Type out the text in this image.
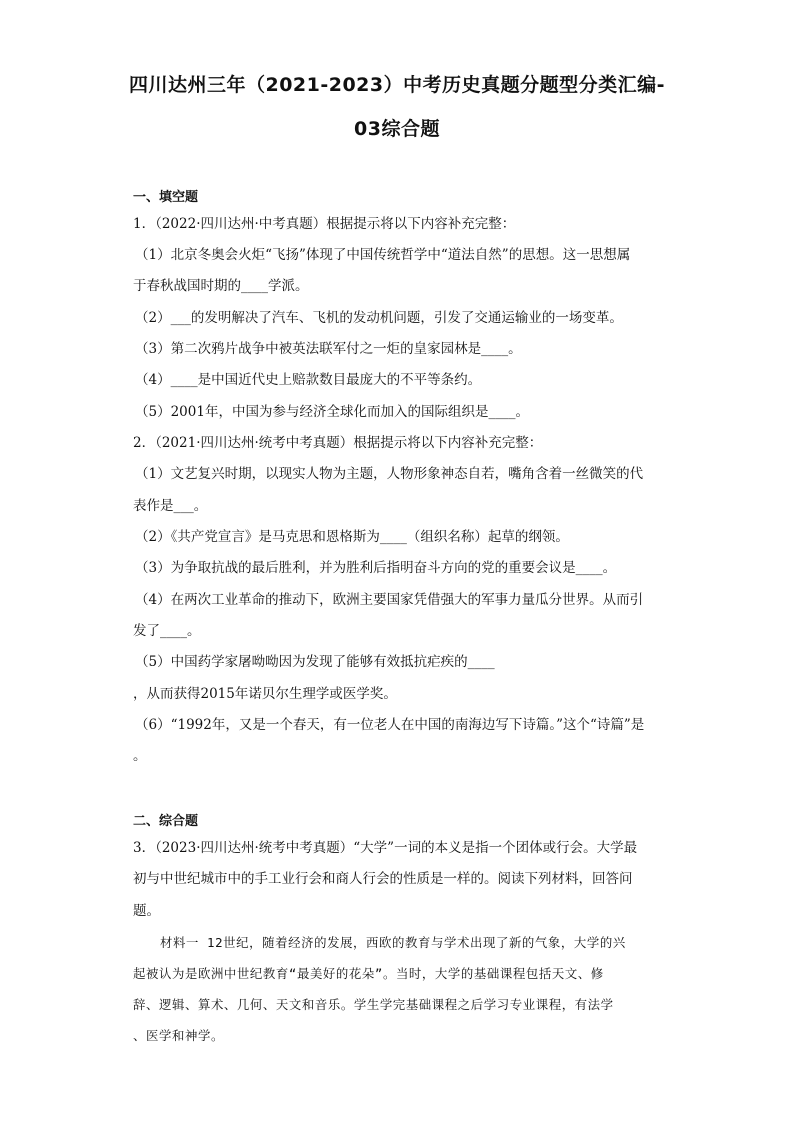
四川达州三年（2021-2023）中考历史真题分题型分类汇编-
03综合题
一、填空题
1．（2022·四川达州·中考真题）根据提示将以下内容补充完整：
（1）北京冬奥会火炬“飞扬”体现了中国传统哲学中“道法自然”的思想。这一思想属
于春秋战国时期的____学派。
（2）___的发明解决了汽车、飞机的发动机问题，引发了交通运输业的一场变革。
（3）第二次鸦片战争中被英法联军付之一炬的皇家园林是____。
（4）____是中国近代史上赔款数目最庞大的不平等条约。
（5）2001年，中国为参与经济全球化而加入的国际组织是____。
2．（2021·四川达州·统考中考真题）根据提示将以下内容补充完整：
（1）文艺复兴时期，以现实人物为主题，人物形象神态自若，嘴角含着一丝微笑的代
表作是___。
（2）《共产党宣言》是马克思和恩格斯为____（组织名称）起草的纲领。
（3）为争取抗战的最后胜利，并为胜利后指明奋斗方向的党的重要会议是____。
（4）在两次工业革命的推动下，欧洲主要国家凭借强大的军事力量瓜分世界。从而引
发了____。
（5）中国药学家屠呦呦因为发现了能够有效抵抗疟疾的____
，从而获得2015年诺贝尔生理学或医学奖。
（6）“1992年，又是一个春天，有一位老人在中国的南海边写下诗篇。”这个“诗篇”是
。
二、综合题
3．（2023·四川达州·统考中考真题）“大学”一词的本义是指一个团体或行会。大学最
初与中世纪城市中的手工业行会和商人行会的性质是一样的。阅读下列材料，回答问
题。
材料一 12世纪，随着经济的发展，西欧的教育与学术出现了新的气象，大学的兴
起被认为是欧洲中世纪教育“最美好的花朵”。当时，大学的基础课程包括天文、修
辞、逻辑、算术、几何、天文和音乐。学生学完基础课程之后学习专业课程，有法学
、医学和神学。
